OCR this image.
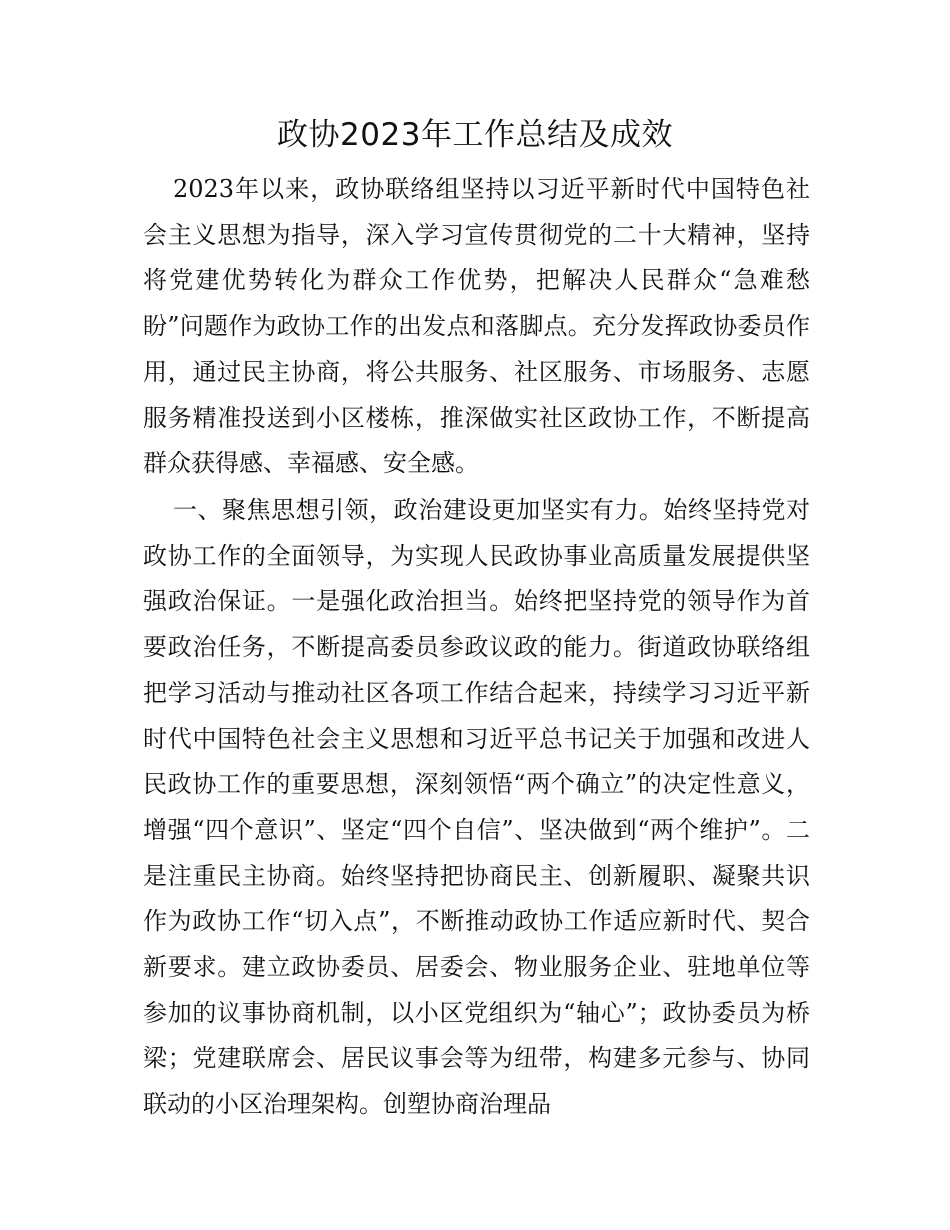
政协2023年工作总结及成效

2023年以来，政协联络组坚持以习近平新时代中国特色社会主义思想为指导，深入学习宣传贯彻党的二十大精神，坚持将党建优势转化为群众工作优势，把解决人民群众“急难愁盼”问题作为政协工作的出发点和落脚点。充分发挥政协委员作用，通过民主协商，将公共服务、社区服务、市场服务、志愿服务精准投送到小区楼栋，推深做实社区政协工作，不断提高群众获得感、幸福感、安全感。

一、聚焦思想引领，政治建设更加坚实有力。始终坚持党对政协工作的全面领导，为实现人民政协事业高质量发展提供坚强政治保证。一是强化政治担当。始终把坚持党的领导作为首要政治任务，不断提高委员参政议政的能力。街道政协联络组把学习活动与推动社区各项工作结合起来，持续学习习近平新时代中国特色社会主义思想和习近平总书记关于加强和改进人民政协工作的重要思想，深刻领悟“两个确立”的决定性意义，增强“四个意识”、坚定“四个自信”、坚决做到“两个维护”。二是注重民主协商。始终坚持把协商民主、创新履职、凝聚共识作为政协工作“切入点”，不断推动政协工作适应新时代、契合新要求。建立政协委员、居委会、物业服务企业、驻地单位等参加的议事协商机制，以小区党组织为“轴心”；政协委员为桥梁；党建联席会、居民议事会等为纽带，构建多元参与、协同联动的小区治理架构。创塑协商治理品
